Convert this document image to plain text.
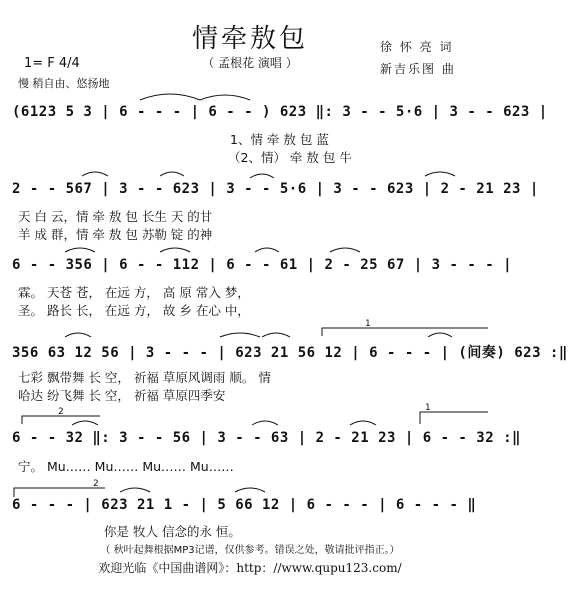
情牵敖包
（ 孟根花 演唱 ）
徐 怀 亮 词
新吉乐图 曲
1= F 4/4
慢 稍自由、悠扬地
(6123 5 3 | 6 - - - | 6 - - ) 623 ‖: 3 - - 5·6 | 3 - - 623 |
1、情 牵 敖 包 蓝
（2、情） 牵 敖 包 牛
2 - - 567 | 3 - - 623 | 3 - - 5·6 | 3 - - 623 | 2 - 21 23 |
天 白 云，情 牵 敖 包 长生 天 的甘
羊 成 群，情 牵 敖 包 苏勒 锭 的神
6 - - 356 | 6 - - 112 | 6 - - 61 | 2 - 25 67 | 3 - - - |
霖。 天苍 苍， 在远 方， 高 原 常入 梦，
圣。 路长 长， 在远 方， 故 乡 在心 中，
356 63 12 56 | 3 - - - | 623 21 56 12 | 6 - - - | (间奏) 623 :‖
七彩 飘带舞 长 空， 祈福 草原风调雨 顺。 情
哈达 纷飞舞 长 空， 祈福 草原四季安
6 - - 32 ‖: 3 - - 56 | 3 - - 63 | 2 - 21 23 | 6 - - 32 :‖
宁。 Mu…… Mu…… Mu…… Mu……
6 - - - | 623 21 1 - | 5 66 12 | 6 - - - | 6 - - - ‖
你是 牧人 信念的永 恒。
（ 秋叶起舞根据MP3记谱，仅供参考。错误之处，敬请批评指正。）
欢迎光临《中国曲谱网》：http：//www.qupu123.com/
1
2	1
2
